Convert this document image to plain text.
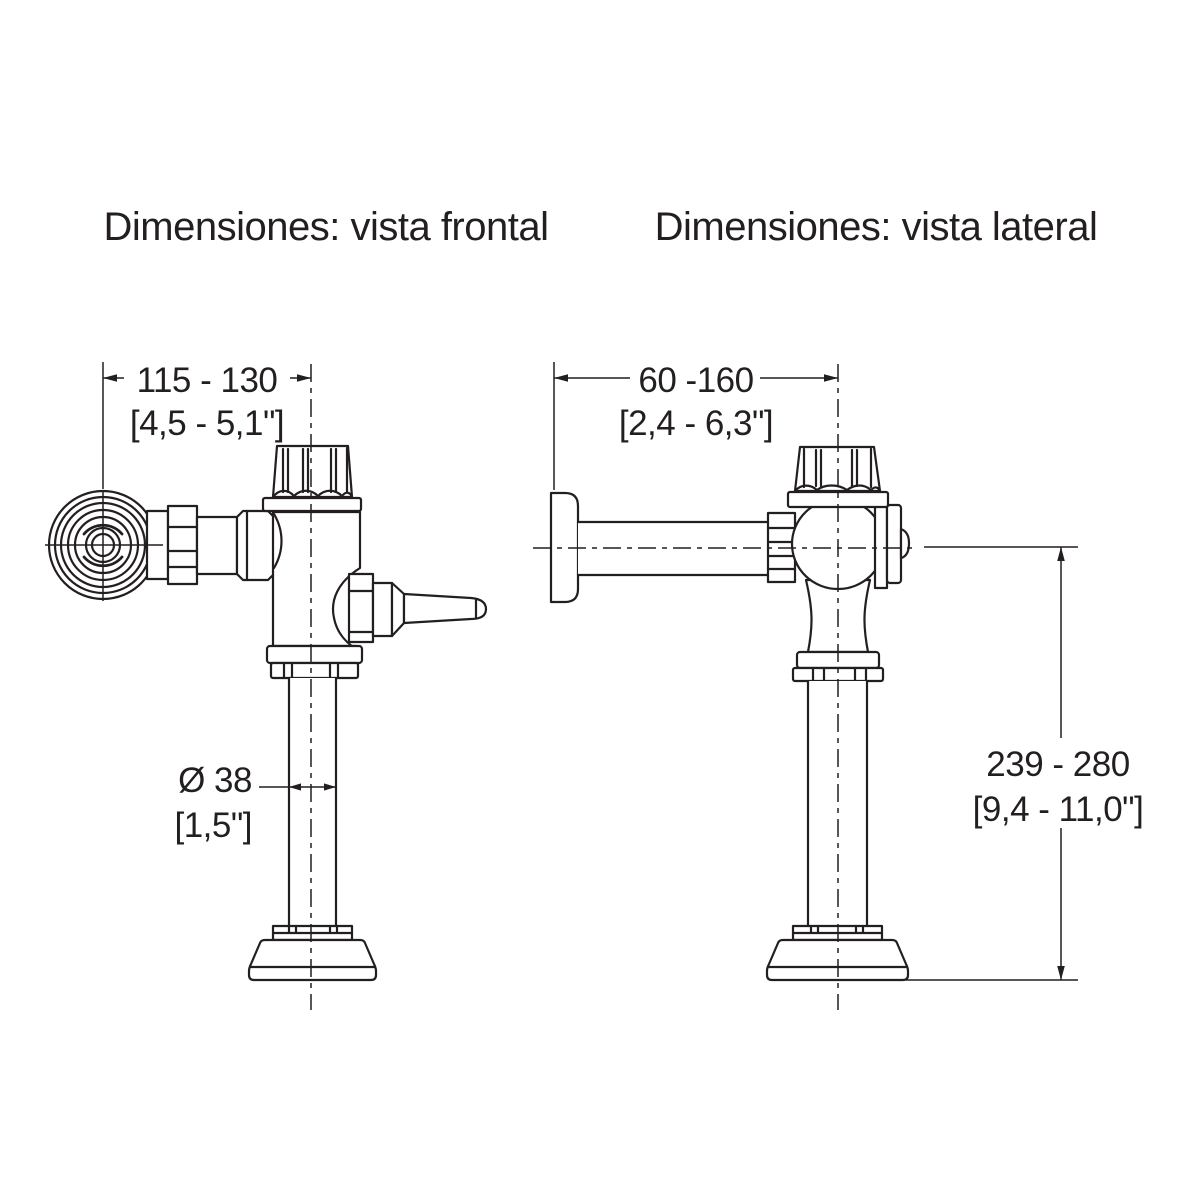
Dimensiones: vista frontal	Dimensiones: vista lateral
115 - 130
[4,5 - 5,1"]
Ø 38
[1,5"]
60 -160
[2,4 - 6,3"]
239 - 280
[9,4 - 11,0"]
